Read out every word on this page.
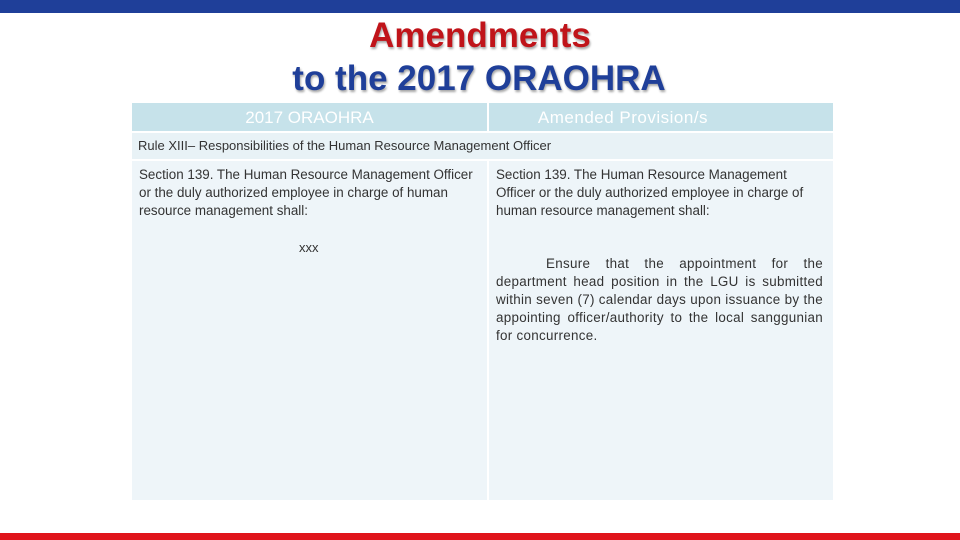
Amendments
to the 2017 ORAOHRA
2017 ORAOHRA	Amended Provision/s
Rule XIII– Responsibilities of the Human Resource Management Officer

Section 139. The Human Resource Management Officer or the duly authorized employee in charge of human resource management shall:

xxx

Section 139. The Human Resource Management Officer or the duly authorized employee in charge of human resource management shall:

Ensure that the appointment for the department head position in the LGU is submitted within seven (7) calendar days upon issuance by the appointing officer/authority to the local sanggunian for concurrence.
